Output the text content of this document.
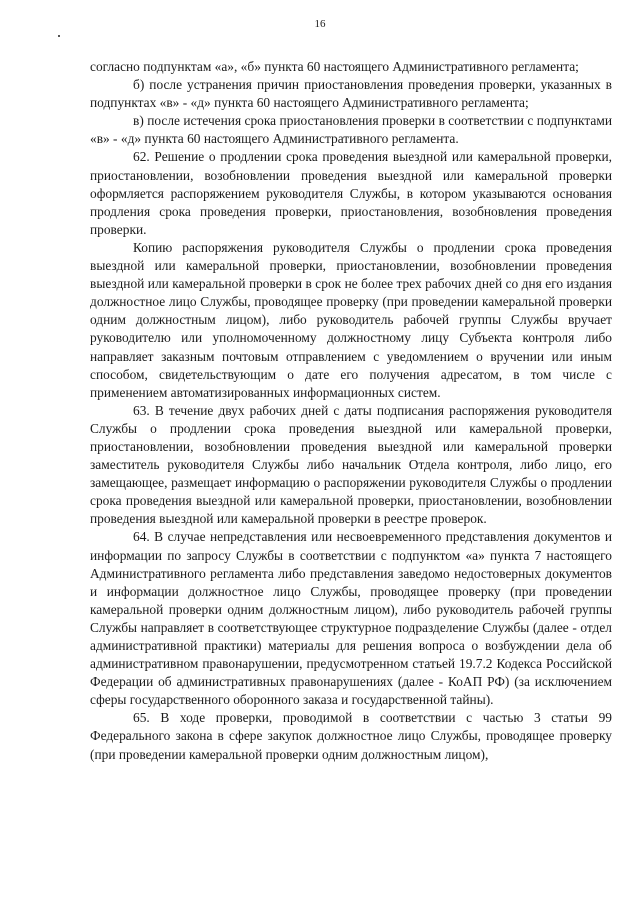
16

согласно подпунктам «а», «б» пункта 60 настоящего Административного регламента;

б) после устранения причин приостановления проведения проверки, указанных в подпунктах «в» - «д» пункта 60 настоящего Административного регламента;

в) после истечения срока приостановления проверки в соответствии с подпунктами «в» - «д» пункта 60 настоящего Административного регламента.

62. Решение о продлении срока проведения выездной или камеральной проверки, приостановлении, возобновлении проведения выездной или камеральной проверки оформляется распоряжением руководителя Службы, в котором указываются основания продления срока проведения проверки, приостановления, возобновления проведения проверки.

Копию распоряжения руководителя Службы о продлении срока проведения выездной или камеральной проверки, приостановлении, возобновлении проведения выездной или камеральной проверки в срок не более трех рабочих дней со дня его издания должностное лицо Службы, проводящее проверку (при проведении камеральной проверки одним должностным лицом), либо руководитель рабочей группы Службы вручает руководителю или уполномоченному должностному лицу Субъекта контроля либо направляет заказным почтовым отправлением с уведомлением о вручении или иным способом, свидетельствующим о дате его получения адресатом, в том числе с применением автоматизированных информационных систем.

63. В течение двух рабочих дней с даты подписания распоряжения руководителя Службы о продлении срока проведения выездной или камеральной проверки, приостановлении, возобновлении проведения выездной или камеральной проверки заместитель руководителя Службы либо начальник Отдела контроля, либо лицо, его замещающее, размещает информацию о распоряжении руководителя Службы о продлении срока проведения выездной или камеральной проверки, приостановлении, возобновлении проведения выездной или камеральной проверки в реестре проверок.

64. В случае непредставления или несвоевременного представления документов и информации по запросу Службы в соответствии с подпунктом «а» пункта 7 настоящего Административного регламента либо представления заведомо недостоверных документов и информации должностное лицо Службы, проводящее проверку (при проведении камеральной проверки одним должностным лицом), либо руководитель рабочей группы Службы направляет в соответствующее структурное подразделение Службы (далее - отдел административной практики) материалы для решения вопроса о возбуждении дела об административном правонарушении, предусмотренном статьей 19.7.2 Кодекса Российской Федерации об административных правонарушениях (далее - КоАП РФ) (за исключением сферы государственного оборонного заказа и государственной тайны).

65. В ходе проверки, проводимой в соответствии с частью 3 статьи 99 Федерального закона в сфере закупок должностное лицо Службы, проводящее проверку (при проведении камеральной проверки одним должностным лицом),
